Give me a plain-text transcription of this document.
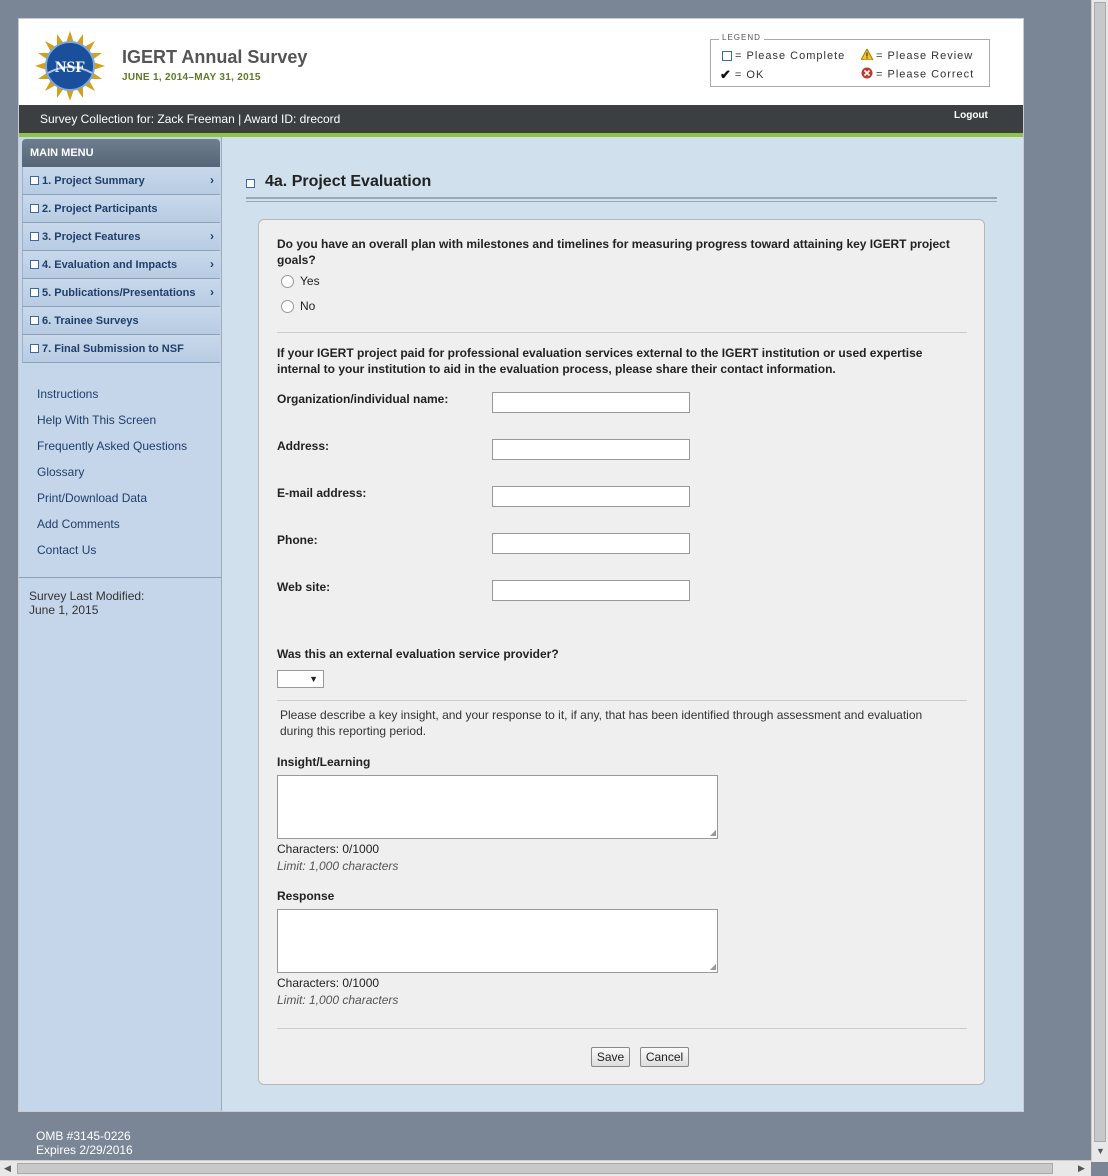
NSF
IGERT Annual Survey
JUNE 1, 2014–MAY 31, 2015
LEGEND
= Please Complete	= Please Review
✔ = OK	= Please Correct
Survey Collection for: Zack Freeman | Award ID: drecord	Logout
MAIN MENU
1. Project Summary	›
2. Project Participants
3. Project Features	›
4. Evaluation and Impacts	›
5. Publications/Presentations ›
6. Trainee Surveys
7. Final Submission to NSF
Instructions
Help With This Screen
Frequently Asked Questions
Glossary
Print/Download Data
Add Comments
Contact Us
Survey Last Modified:
June 1, 2015
4a. Project Evaluation
Do you have an overall plan with milestones and timelines for measuring progress toward attaining key IGERT project goals?
Yes
No
If your IGERT project paid for professional evaluation services external to the IGERT institution or used expertise internal to your institution to aid in the evaluation process, please share their contact information.
Organization/individual name:
Address:
E-mail address:
Phone:
Web site:
Was this an external evaluation service provider?
▼
Please describe a key insight, and your response to it, if any, that has been identified through assessment and evaluation during this reporting period.
Insight/Learning
◢
Characters: 0/1000
Limit: 1,000 characters
Response
◢
Characters: 0/1000
Limit: 1,000 characters
Save	Cancel
OMB #3145-0226
Expires 2/29/2016	▼
◀	▶
